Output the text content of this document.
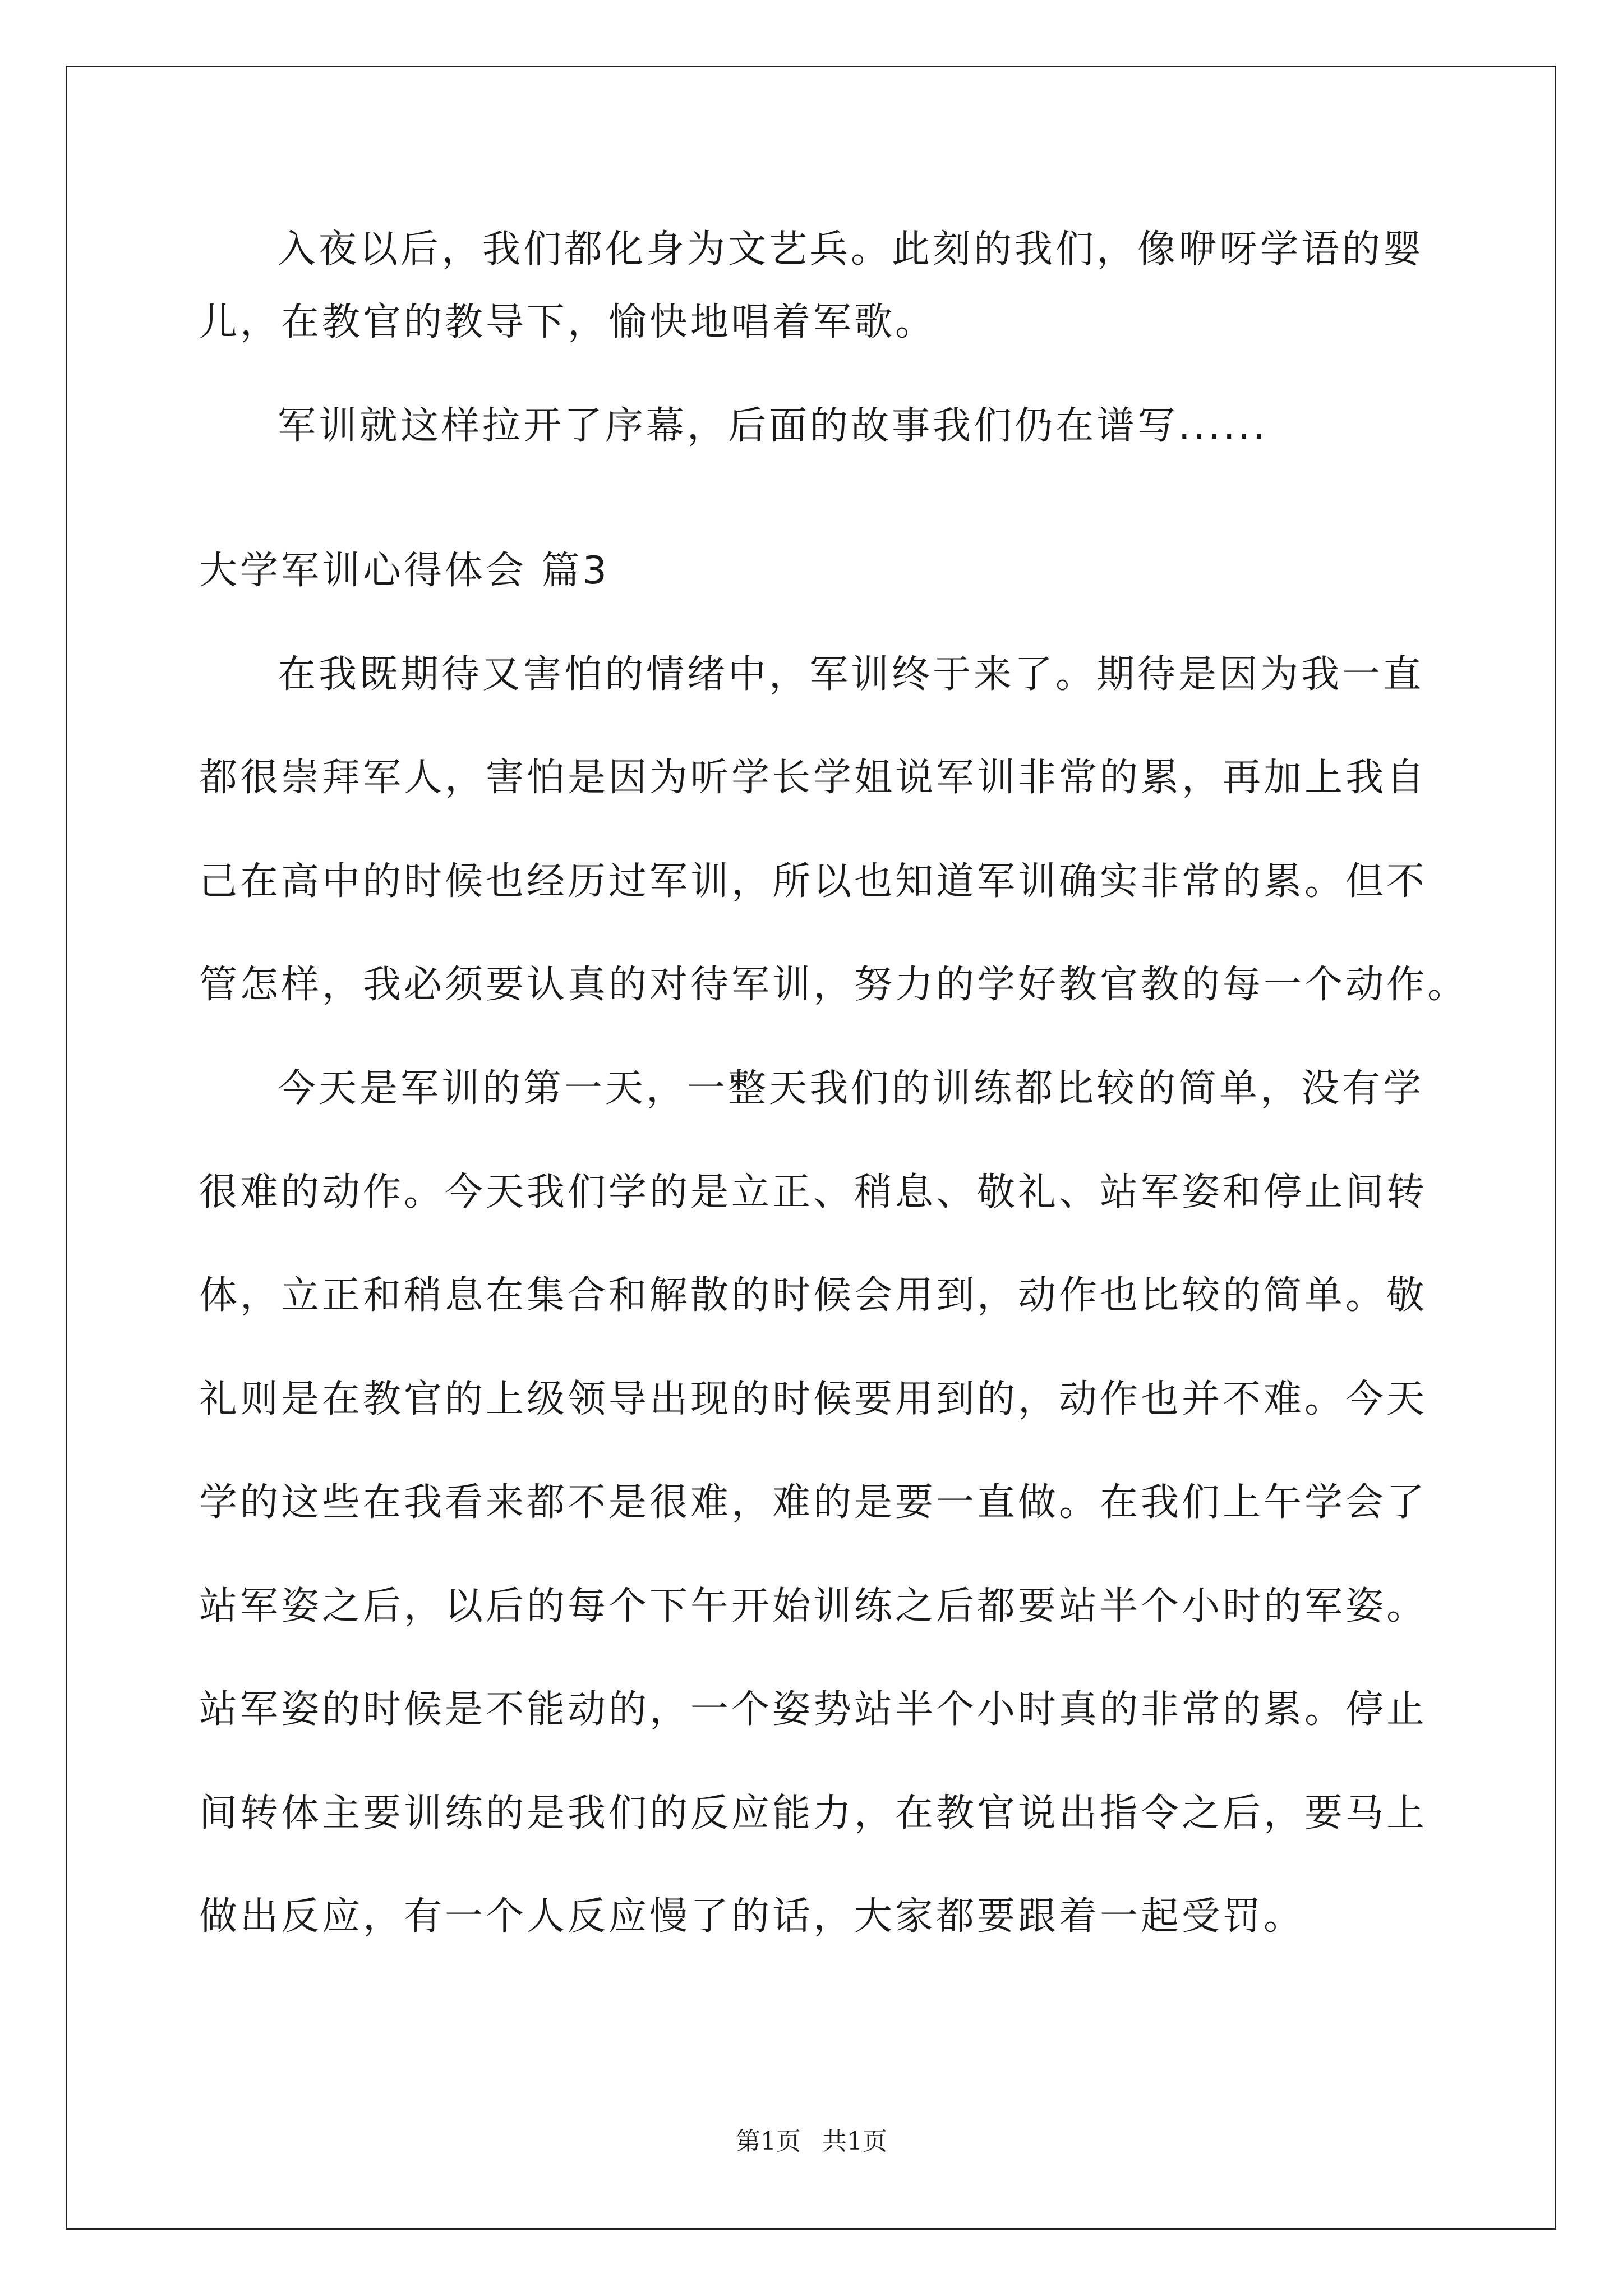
入夜以后，我们都化身为文艺兵。此刻的我们，像咿呀学语的婴
儿，在教官的教导下，愉快地唱着军歌。
军训就这样拉开了序幕，后面的故事我们仍在谱写......
大学军训心得体会 篇3
在我既期待又害怕的情绪中，军训终于来了。期待是因为我一直
都很崇拜军人，害怕是因为听学长学姐说军训非常的累，再加上我自
己在高中的时候也经历过军训，所以也知道军训确实非常的累。但不
管怎样，我必须要认真的对待军训，努力的学好教官教的每一个动作。
今天是军训的第一天，一整天我们的训练都比较的简单，没有学
很难的动作。今天我们学的是立正、稍息、敬礼、站军姿和停止间转
体，立正和稍息在集合和解散的时候会用到，动作也比较的简单。敬
礼则是在教官的上级领导出现的时候要用到的，动作也并不难。今天
学的这些在我看来都不是很难，难的是要一直做。在我们上午学会了
站军姿之后，以后的每个下午开始训练之后都要站半个小时的军姿。
站军姿的时候是不能动的，一个姿势站半个小时真的非常的累。停止
间转体主要训练的是我们的反应能力，在教官说出指令之后，要马上
做出反应，有一个人反应慢了的话，大家都要跟着一起受罚。
第1页 共1页
